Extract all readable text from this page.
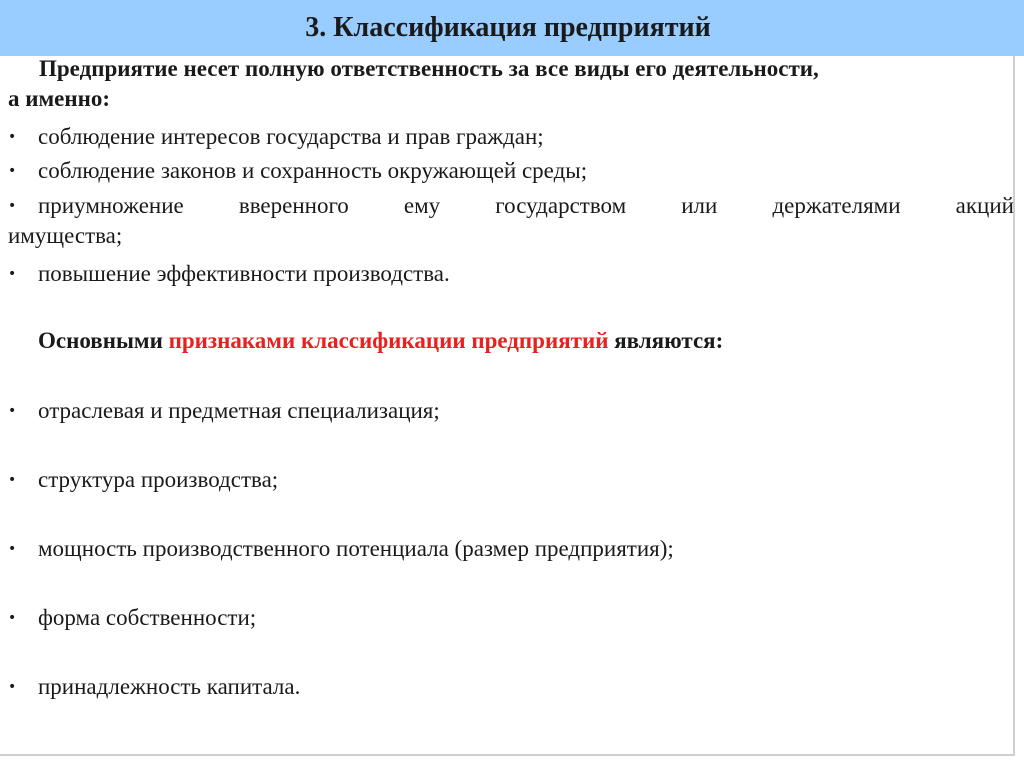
3. Классификация предприятий
Предприятие несет полную ответственность за все виды его деятельности,
а именно:
• соблюдение интересов государства и прав граждан;
• соблюдение законов и сохранность окружающей среды;
• приумножение вверенного ему государством или держателями акций
имущества;
• повышение эффективности производства.
Основными признаками классификации предприятий являются:
• отраслевая и предметная специализация;
• структура производства;
• мощность производственного потенциала (размер предприятия);
• форма собственности;
• принадлежность капитала.
